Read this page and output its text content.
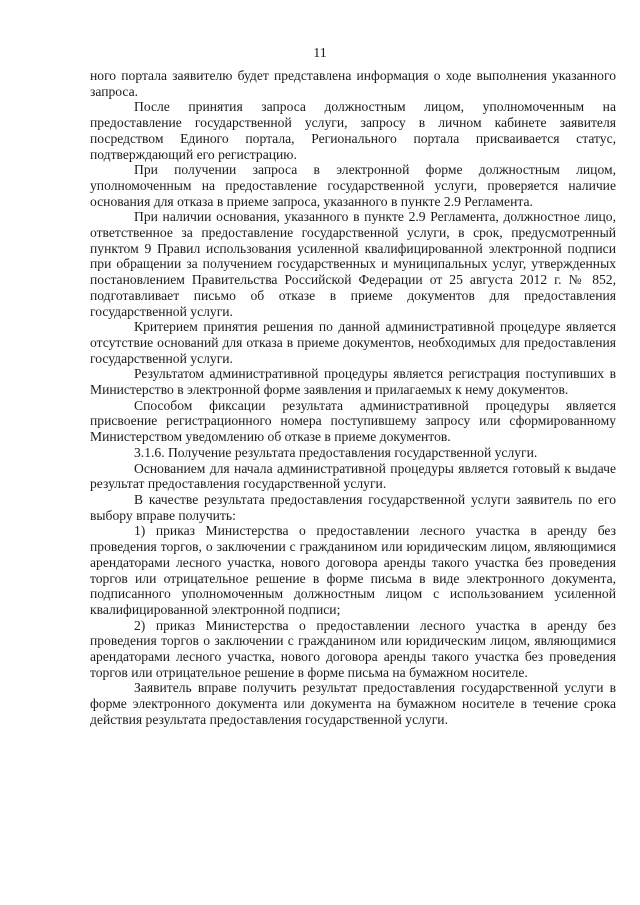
11

ного портала заявителю будет представлена информация о ходе выполнения указанного запроса.

После принятия запроса должностным лицом, уполномоченным на предоставление государственной услуги, запросу в личном кабинете заявителя посредством Единого портала, Регионального портала присваивается статус, подтверждающий его регистрацию.

При получении запроса в электронной форме должностным лицом, уполномоченным на предоставление государственной услуги, проверяется наличие основания для отказа в приеме запроса, указанного в пункте 2.9 Регламента.

При наличии основания, указанного в пункте 2.9 Регламента, должностное лицо, ответственное за предоставление государственной услуги, в срок, предусмотренный пунктом 9 Правил использования усиленной квалифицированной электронной подписи при обращении за получением государственных и муниципальных услуг, утвержденных постановлением Правительства Российской Федерации от 25 августа 2012 г. № 852, подготавливает письмо об отказе в приеме документов для предоставления государственной услуги.

Критерием принятия решения по данной административной процедуре является отсутствие оснований для отказа в приеме документов, необходимых для предоставления государственной услуги.

Результатом административной процедуры является регистрация поступивших в Министерство в электронной форме заявления и прилагаемых к нему документов.

Способом фиксации результата административной процедуры является присвоение регистрационного номера поступившему запросу или сформированному Министерством уведомлению об отказе в приеме документов.

3.1.6. Получение результата предоставления государственной услуги.

Основанием для начала административной процедуры является готовый к выдаче результат предоставления государственной услуги.

В качестве результата предоставления государственной услуги заявитель по его выбору вправе получить:

1) приказ Министерства о предоставлении лесного участка в аренду без проведения торгов, о заключении с гражданином или юридическим лицом, являющимися арендаторами лесного участка, нового договора аренды такого участка без проведения торгов или отрицательное решение в форме письма в виде электронного документа, подписанного уполномоченным должностным лицом с использованием усиленной квалифицированной электронной подписи;

2) приказ Министерства о предоставлении лесного участка в аренду без проведения торгов о заключении с гражданином или юридическим лицом, являющимися арендаторами лесного участка, нового договора аренды такого участка без проведения торгов или отрицательное решение в форме письма на бумажном носителе.

Заявитель вправе получить результат предоставления государственной услуги в форме электронного документа или документа на бумажном носителе в течение срока действия результата предоставления государственной услуги.
